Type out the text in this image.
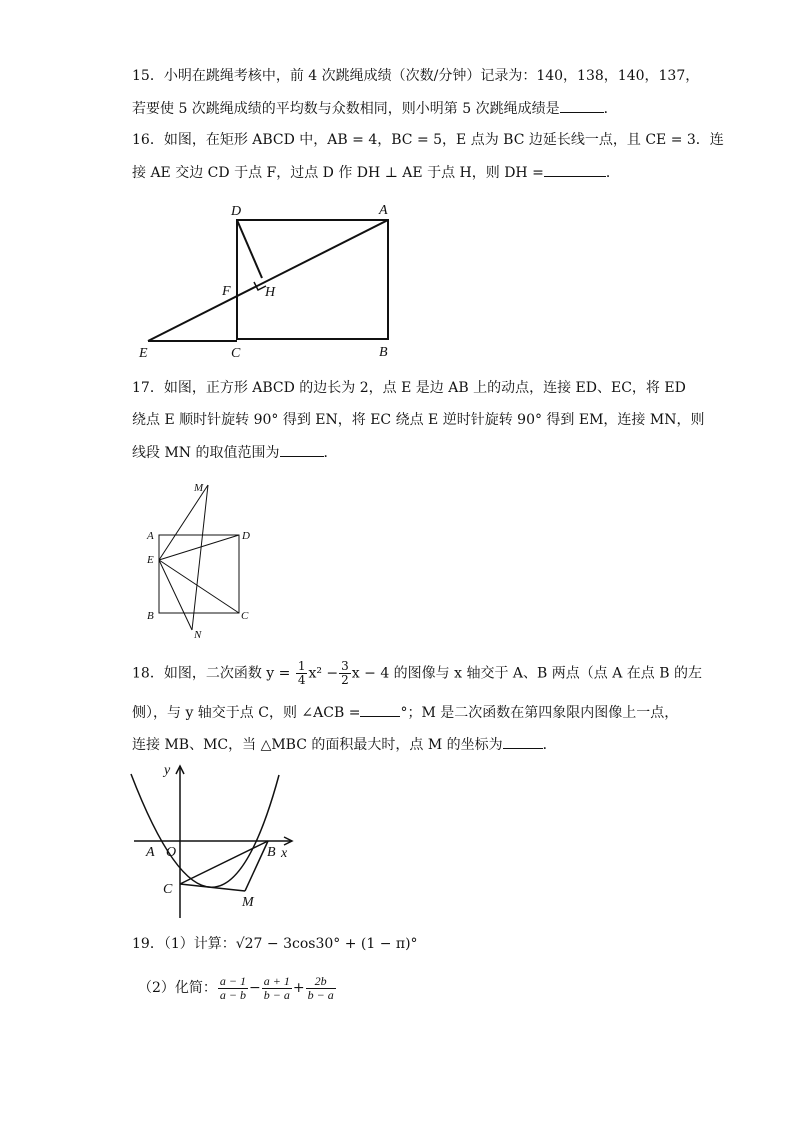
15．小明在跳绳考核中，前 4 次跳绳成绩（次数/分钟）记录为：140，138，140，137，
若要使 5 次跳绳成绩的平均数与众数相同，则小明第 5 次跳绳成绩是	．
16．如图，在矩形 ABCD 中，AB = 4，BC = 5，E 点为 BC 边延长线一点，且 CE = 3．连
接 AE 交边 CD 于点 F，过点 D 作 DH ⊥ AE 于点 H，则 DH =	．
D	A
F H
E	C	B
17．如图，正方形 ABCD 的边长为 2，点 E 是边 AB 上的动点，连接 ED、EC，将 ED
绕点 E 顺时针旋转 90° 得到 EN，将 EC 绕点 E 逆时针旋转 90° 得到 EM，连接 MN，则
线段 MN 的取值范围为	．
M
A	D
E
B	C
N
18．如图，二次函数 $y = \frac{1}{4} x^2 - \frac{3}{2}$ x − 4 的图像与 x 轴交于 A、B 两点（点 A 在点 B 的左
侧），与 y 轴交于点 C，则 ∠ACB =	°；M 是二次函数在第四象限内图像上一点，
连接 MB、MC，当 △MBC 的面积最大时，点 M 的坐标为	．
y
x
A O	B
C
M
19．（1）计算：√27 − 3cos30° + (1 − π)°
（2）化简： $\frac{a - 1}{a - b} - \frac{a + 1}{b - a} + \frac{2b}{b - a}$
